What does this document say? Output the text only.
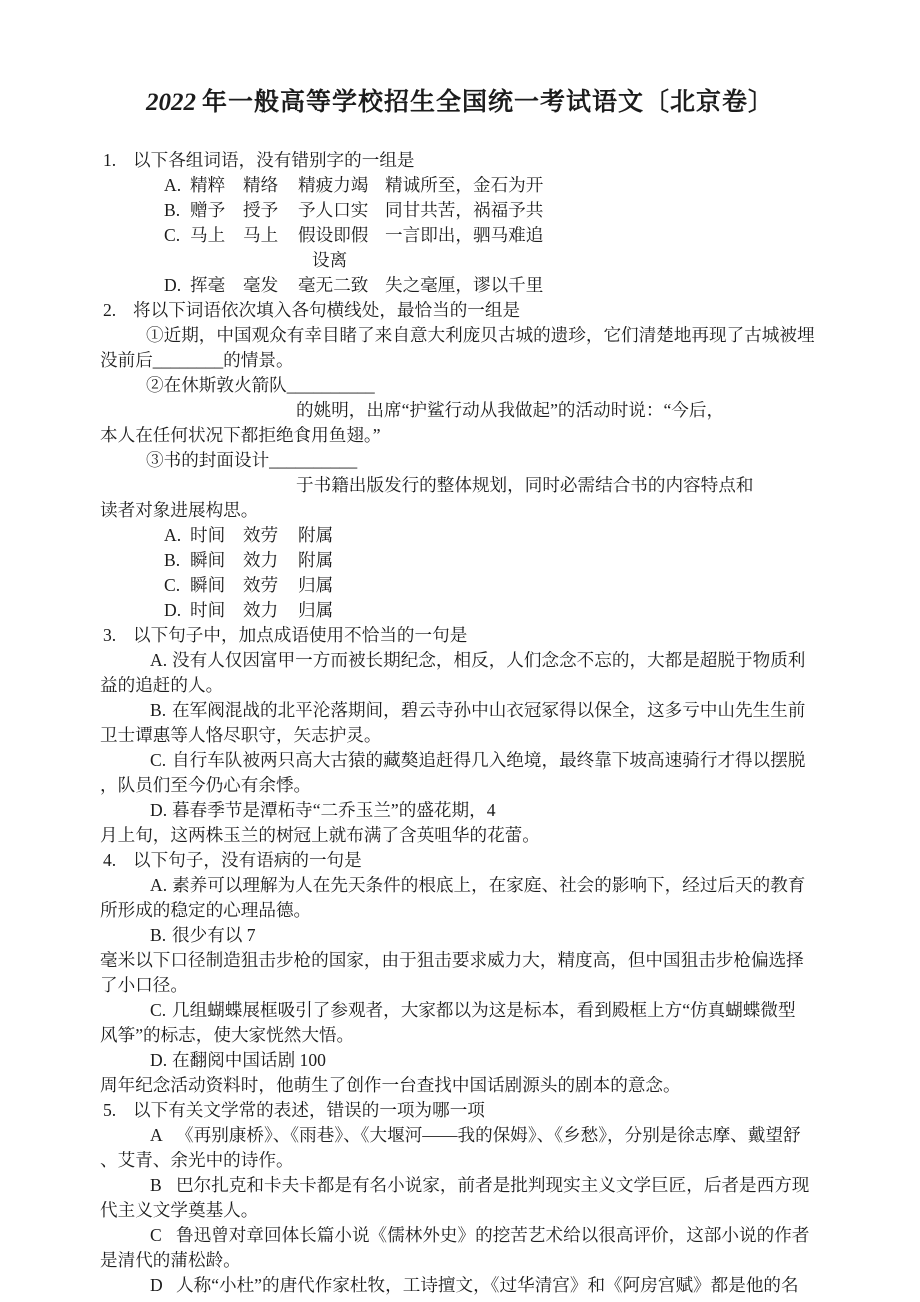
2022 年一般高等学校招生全国统一考试语文〔北京卷〕
1. 以下各组词语，没有错别字的一组是
A. 精粹	精络	精疲力竭 精诚所至，金石为开
B. 赠予	授予	予人口实 同甘共苦，祸福予共
C. 马上	马上	假设即假 一言即出，驷马难追
设离
D. 挥毫	毫发	毫无二致 失之毫厘，谬以千里
2. 将以下词语依次填入各句横线处，最恰当的一组是
①近期，中国观众有幸目睹了来自意大利庞贝古城的遗珍，它们清楚地再现了古城被埋
没前后________的情景。
②在休斯敦火箭队__________
的姚明，出席“护鲨行动从我做起”的活动时说：“今后，
本人在任何状况下都拒绝食用鱼翅。”
③书的封面设计__________
于书籍出版发行的整体规划，同时必需结合书的内容特点和
读者对象进展构思。
A. 时间	效劳	附属
B. 瞬间	效力	附属
C. 瞬间	效劳	归属
D. 时间	效力	归属
3. 以下句子中，加点成语使用不恰当的一句是
A. 没有人仅因富甲一方而被长期纪念，相反，人们念念不忘的，大都是超脱于物质利
益的追赶的人。
B. 在军阀混战的北平沦落期间，碧云寺孙中山衣冠冢得以保全，这多亏中山先生生前
卫士谭惠等人恪尽职守，矢志护灵。
C. 自行车队被两只高大古猿的藏獒追赶得几入绝境，最终靠下坡高速骑行才得以摆脱
，队员们至今仍心有余悸。
D. 暮春季节是潭柘寺“二乔玉兰”的盛花期，4
月上旬，这两株玉兰的树冠上就布满了含英咀华的花蕾。
4. 以下句子，没有语病的一句是
A. 素养可以理解为人在先天条件的根底上，在家庭、社会的影响下，经过后天的教育
所形成的稳定的心理品德。
B. 很少有以 7
毫米以下口径制造狙击步枪的国家，由于狙击要求威力大，精度高，但中国狙击步枪偏选择
了小口径。
C. 几组蝴蝶展框吸引了参观者，大家都以为这是标本，看到殿框上方“仿真蝴蝶微型
风筝”的标志，使大家恍然大悟。
D. 在翻阅中国话剧 100
周年纪念活动资料时，他萌生了创作一台查找中国话剧源头的剧本的意念。
5. 以下有关文学常的表述，错误的一项为哪一项
A 《再别康桥》、《雨巷》、《大堰河——我的保姆》、《乡愁》，分别是徐志摩、戴望舒
、艾青、余光中的诗作。
B 巴尔扎克和卡夫卡都是有名小说家，前者是批判现实主义文学巨匠，后者是西方现
代主义文学奠基人。
C 鲁迅曾对章回体长篇小说《儒林外史》的挖苦艺术给以很高评价，这部小说的作者
是清代的蒲松龄。
D 人称“小杜”的唐代作家杜牧，工诗擅文，《过华清宫》和《阿房宫赋》都是他的名
